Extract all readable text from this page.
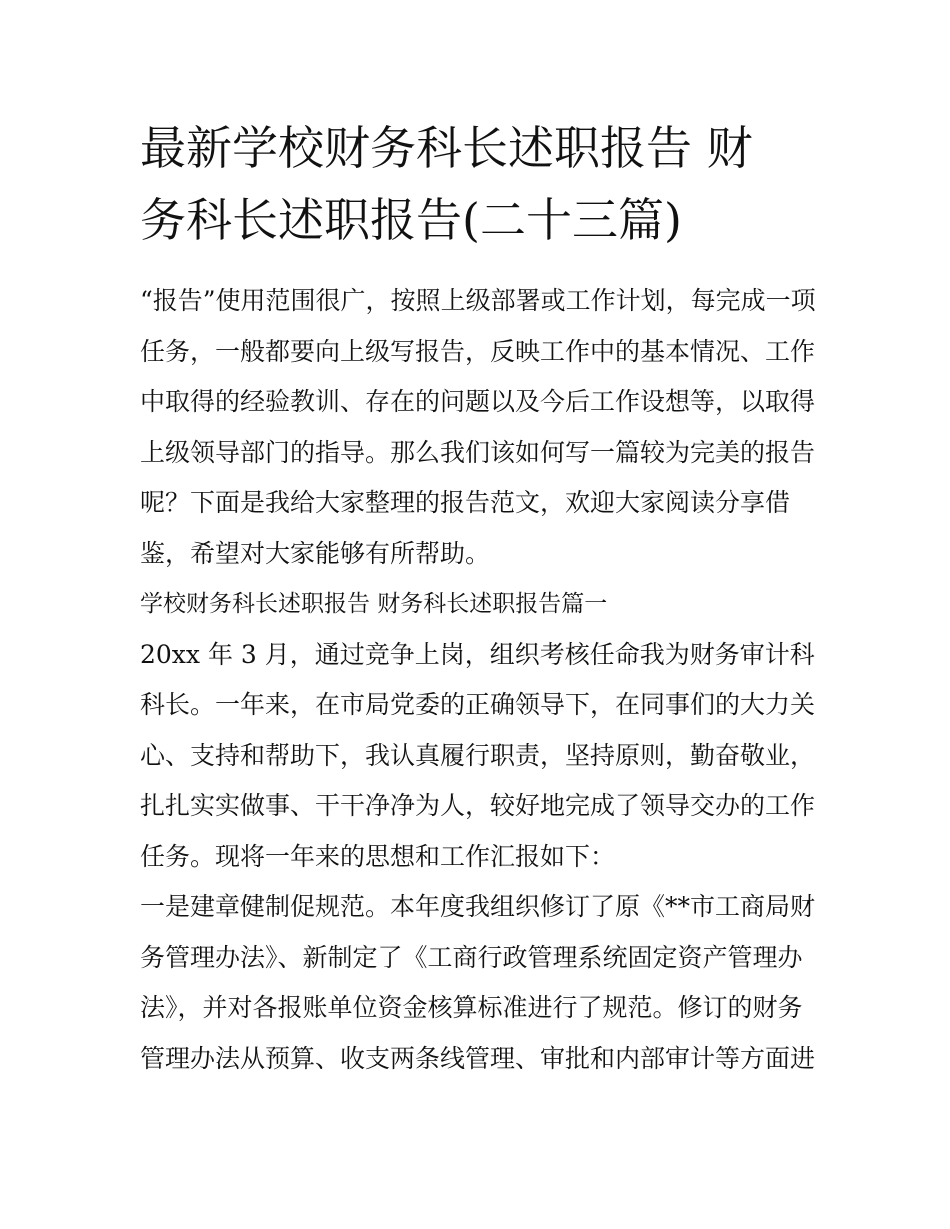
最新学校财务科长述职报告 财
务科长述职报告(二十三篇)
“报告”使用范围很广，按照上级部署或工作计划，每完成一项
任务，一般都要向上级写报告，反映工作中的基本情况、工作
中取得的经验教训、存在的问题以及今后工作设想等，以取得
上级领导部门的指导。那么我们该如何写一篇较为完美的报告
呢？下面是我给大家整理的报告范文，欢迎大家阅读分享借
鉴，希望对大家能够有所帮助。
学校财务科长述职报告 财务科长述职报告篇一
20xx 年 3 月，通过竞争上岗，组织考核任命我为财务审计科
科长。一年来，在市局党委的正确领导下，在同事们的大力关
心、支持和帮助下，我认真履行职责，坚持原则，勤奋敬业，
扎扎实实做事、干干净净为人，较好地完成了领导交办的工作
任务。现将一年来的思想和工作汇报如下：
一是建章健制促规范。本年度我组织修订了原《**市工商局财
务管理办法》、新制定了《工商行政管理系统固定资产管理办
法》，并对各报账单位资金核算标准进行了规范。修订的财务
管理办法从预算、收支两条线管理、审批和内部审计等方面进
